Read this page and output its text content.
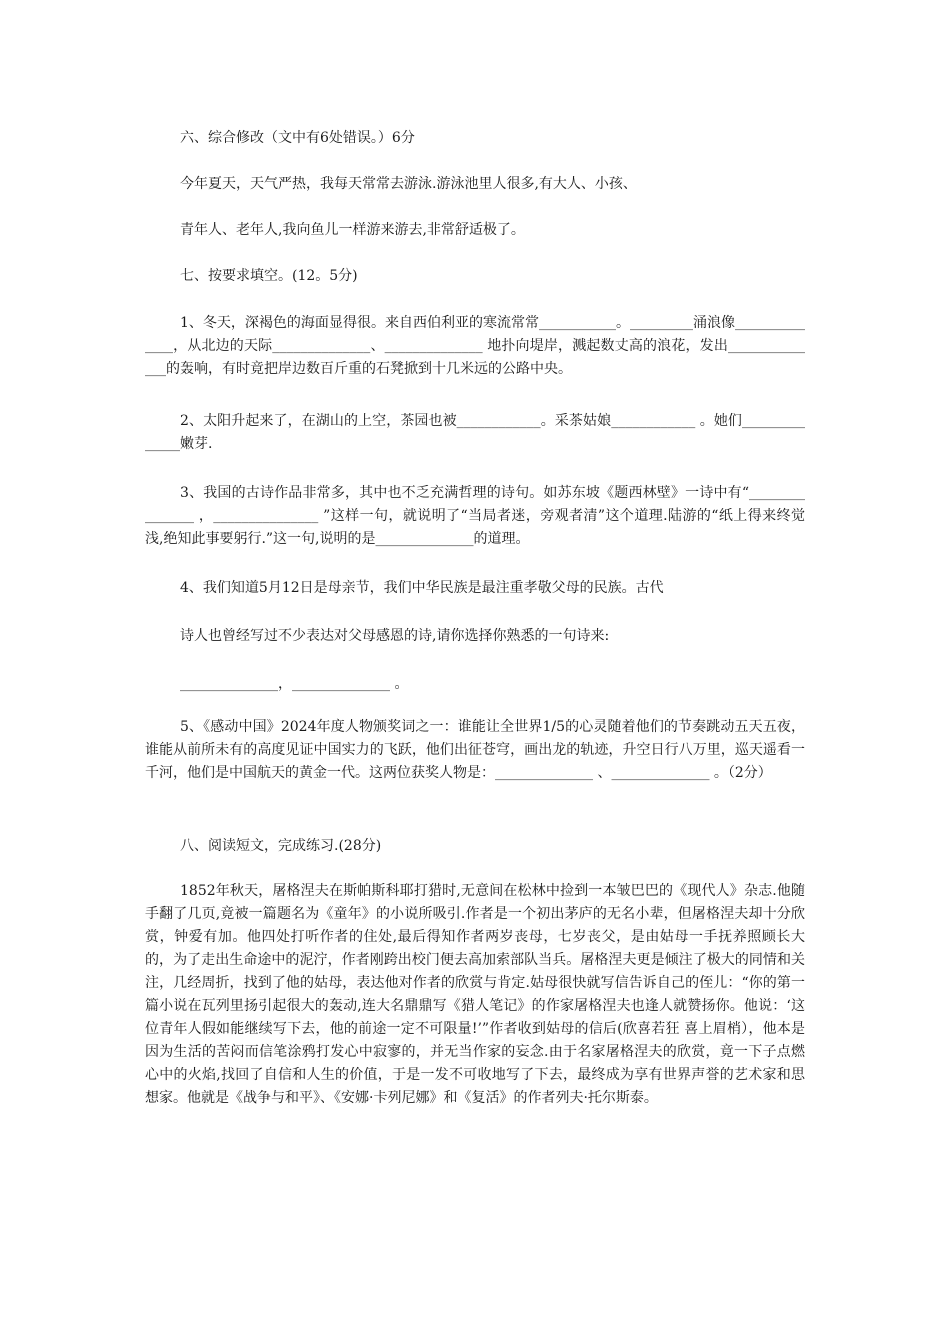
六、综合修改（文中有6处错误。）6分
今年夏天，天气严热，我每天常常去游泳.游泳池里人很多,有大人、小孩、
青年人、老年人,我向鱼儿一样游来游去,非常舒适极了。
七、按要求填空。(12。5分)
1、冬天，深褐色的海面显得很。来自西伯利亚的寒流常常___________。_________涌浪像______________，从北边的天际______________、______________ 地扑向堤岸，溅起数丈高的浪花，发出______________的轰响，有时竟把岸边数百斤重的石凳掀到十几米远的公路中央。
2、太阳升起来了，在湖山的上空，茶园也被____________。采茶姑娘____________ 。她们______________嫩芽.
3、我国的古诗作品非常多，其中也不乏充满哲理的诗句。如苏东坡《题西林壁》一诗中有“_______________ ，_______________ ”这样一句，就说明了“当局者迷，旁观者清”这个道理.陆游的“纸上得来终觉浅,绝知此事要躬行.”这一句,说明的是______________的道理。
4、我们知道5月12日是母亲节，我们中华民族是最注重孝敬父母的民族。古代
诗人也曾经写过不少表达对父母感恩的诗,请你选择你熟悉的一句诗来:
______________，______________ 。
5、《感动中国》2024年度人物颁奖词之一：谁能让全世界1/5的心灵随着他们的节奏跳动五天五夜，谁能从前所未有的高度见证中国实力的飞跃，他们出征苍穹，画出龙的轨迹，升空日行八万里，巡天遥看一千河，他们是中国航天的黄金一代。这两位获奖人物是：______________ 、______________ 。（2分）
八、阅读短文，完成练习.(28分)
1852年秋天，屠格涅夫在斯帕斯科耶打猎时,无意间在松林中捡到一本皱巴巴的《现代人》杂志.他随手翻了几页,竟被一篇题名为《童年》的小说所吸引.作者是一个初出茅庐的无名小辈，但屠格涅夫却十分欣赏，钟爱有加。他四处打听作者的住处,最后得知作者两岁丧母，七岁丧父，是由姑母一手抚养照顾长大的，为了走出生命途中的泥泞，作者刚跨出校门便去高加索部队当兵。屠格涅夫更是倾注了极大的同情和关注，几经周折，找到了他的姑母，表达他对作者的欣赏与肯定.姑母很快就写信告诉自己的侄儿：“你的第一篇小说在瓦列里扬引起很大的轰动,连大名鼎鼎写《猎人笔记》的作家屠格涅夫也逢人就赞扬你。他说：‘这位青年人假如能继续写下去，他的前途一定不可限量!’”作者收到姑母的信后(欣喜若狂 喜上眉梢），他本是因为生活的苦闷而信笔涂鸦打发心中寂寥的，并无当作家的妄念.由于名家屠格涅夫的欣赏，竟一下子点燃心中的火焰,找回了自信和人生的价值，于是一发不可收地写了下去，最终成为享有世界声誉的艺术家和思想家。他就是《战争与和平》、《安娜·卡列尼娜》和《复活》的作者列夫·托尔斯泰。
